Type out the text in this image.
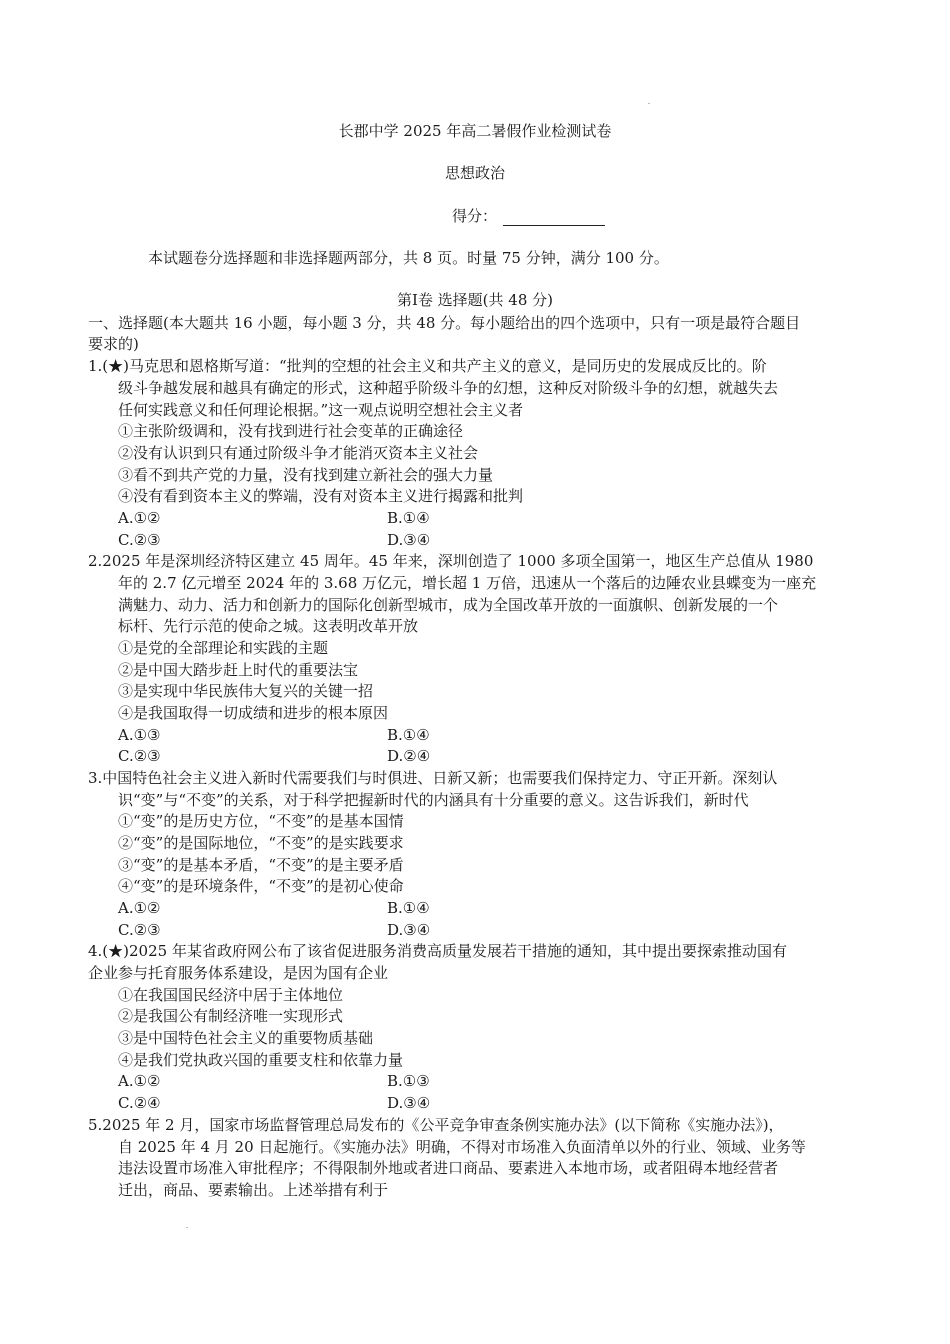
长郡中学 2025 年高二暑假作业检测试卷
思想政治
得分：
本试题卷分选择题和非选择题两部分，共 8 页。时量 75 分钟，满分 100 分。
第Ⅰ卷 选择题(共 48 分)
一、选择题(本大题共 16 小题，每小题 3 分，共 48 分。每小题给出的四个选项中，只有一项是最符合题目
要求的)
1.(★)马克思和恩格斯写道：“批判的空想的社会主义和共产主义的意义，是同历史的发展成反比的。阶
级斗争越发展和越具有确定的形式，这种超乎阶级斗争的幻想，这种反对阶级斗争的幻想，就越失去
任何实践意义和任何理论根据。”这一观点说明空想社会主义者
①主张阶级调和，没有找到进行社会变革的正确途径
②没有认识到只有通过阶级斗争才能消灭资本主义社会
③看不到共产党的力量，没有找到建立新社会的强大力量
④没有看到资本主义的弊端，没有对资本主义进行揭露和批判
A.①②	B.①④
C.②③	D.③④
2.2025 年是深圳经济特区建立 45 周年。45 年来，深圳创造了 1000 多项全国第一，地区生产总值从 1980
年的 2.7 亿元增至 2024 年的 3.68 万亿元，增长超 1 万倍，迅速从一个落后的边陲农业县蝶变为一座充
满魅力、动力、活力和创新力的国际化创新型城市，成为全国改革开放的一面旗帜、创新发展的一个
标杆、先行示范的使命之城。这表明改革开放
①是党的全部理论和实践的主题
②是中国大踏步赶上时代的重要法宝
③是实现中华民族伟大复兴的关键一招
④是我国取得一切成绩和进步的根本原因
A.①③	B.①④
C.②③	D.②④
3.中国特色社会主义进入新时代需要我们与时俱进、日新又新；也需要我们保持定力、守正开新。深刻认
识“变”与“不变”的关系，对于科学把握新时代的内涵具有十分重要的意义。这告诉我们，新时代
①“变”的是历史方位，“不变”的是基本国情
②“变”的是国际地位，“不变”的是实践要求
③“变”的是基本矛盾，“不变”的是主要矛盾
④“变”的是环境条件，“不变”的是初心使命
A.①②	B.①④
C.②③	D.③④
4.(★)2025 年某省政府网公布了该省促进服务消费高质量发展若干措施的通知，其中提出要探索推动国有
企业参与托育服务体系建设，是因为国有企业
①在我国国民经济中居于主体地位
②是我国公有制经济唯一实现形式
③是中国特色社会主义的重要物质基础
④是我们党执政兴国的重要支柱和依靠力量
A.①②	B.①③
C.②④	D.③④
5.2025 年 2 月，国家市场监督管理总局发布的《公平竞争审查条例实施办法》(以下简称《实施办法》)，
自 2025 年 4 月 20 日起施行。《实施办法》明确，不得对市场准入负面清单以外的行业、领域、业务等
违法设置市场准入审批程序；不得限制外地或者进口商品、要素进入本地市场，或者阻碍本地经营者
迁出，商品、要素输出。上述举措有利于
